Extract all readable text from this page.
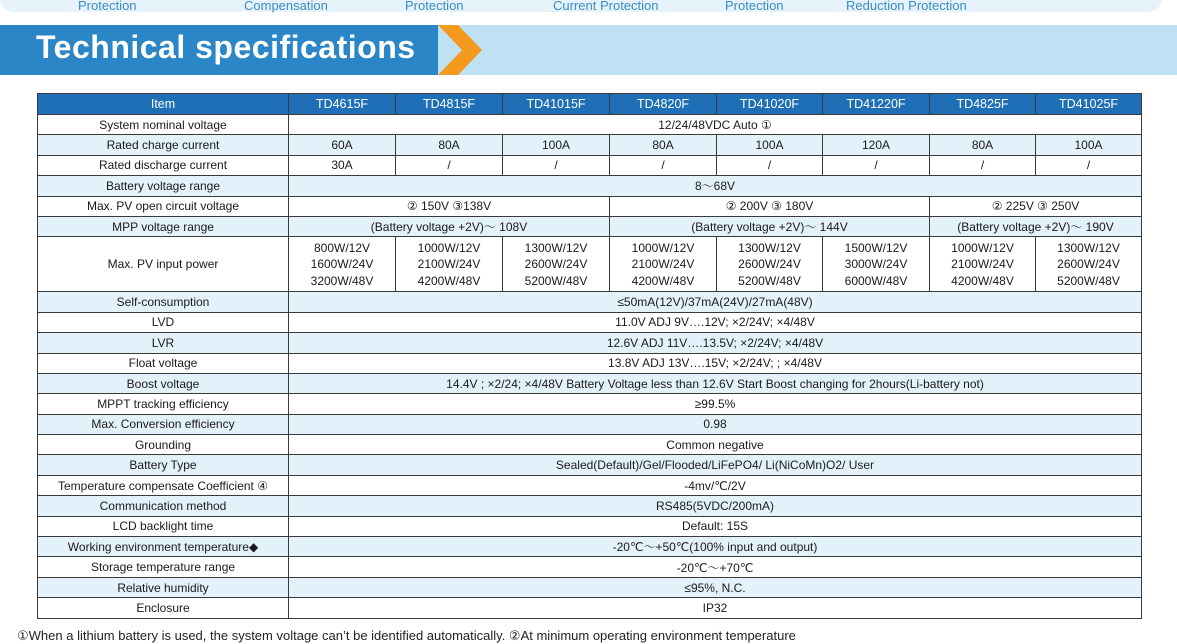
Protection	Compensation	Protection	Current Protection	Protection	Reduction Protection
Technical specifications
Item	TD4615F	TD4815F	TD41015F	TD4820F	TD41020F	TD41220F	TD4825F	TD41025F
System nominal voltage	12/24/48VDC Auto ①							
Rated charge current	60A	80A	100A	80A	100A	120A	80A	100A
Rated discharge current	30A	/	/	/	/	/	/	/
Battery voltage range	8～68V							
Max. PV open circuit voltage	② 150V ③138V			② 200V ③ 180V			② 225V ③ 250V	
MPP voltage range	(Battery voltage +2V)～ 108V			(Battery voltage +2V)～ 144V			(Battery voltage +2V)～ 190V	
Max. PV input power	800W/12V
1600W/24V
3200W/48V	1000W/12V
2100W/24V
4200W/48V	1300W/12V
2600W/24V
5200W/48V	1000W/12V
2100W/24V
4200W/48V	1300W/12V
2600W/24V
5200W/48V	1500W/12V
3000W/24V
6000W/48V	1000W/12V
2100W/24V
4200W/48V	1300W/12V
2600W/24V
5200W/48V
Self-consumption	≤50mA(12V)/37mA(24V)/27mA(48V)							
LVD	11.0V ADJ 9V….12V; ×2/24V; ×4/48V							
LVR	12.6V ADJ 11V….13.5V; ×2/24V; ×4/48V							
Float voltage	13.8V ADJ 13V….15V; ×2/24V; ; ×4/48V							
Boost voltage	14.4V ; ×2/24; ×4/48V Battery Voltage less than 12.6V Start Boost changing for 2hours(Li-battery not)							
MPPT tracking efficiency	≥99.5%							
Max. Conversion efficiency	0.98							
Grounding	Common negative							
Battery Type	Sealed(Default)/Gel/Flooded/LiFePO4/ Li(NiCoMn)O2/ User							
Temperature compensate Coefficient ④	-4mv/℃/2V							
Communication method	RS485(5VDC/200mA)							
LCD backlight time	Default: 15S							
Working environment temperature◆	-20℃～+50℃(100% input and output)							
Storage temperature range	-20℃～+70℃							
Relative humidity	≤95%, N.C.							
Enclosure	IP32							
①When a lithium battery is used, the system voltage can’t be identified automatically. ②At minimum operating environment temperature
